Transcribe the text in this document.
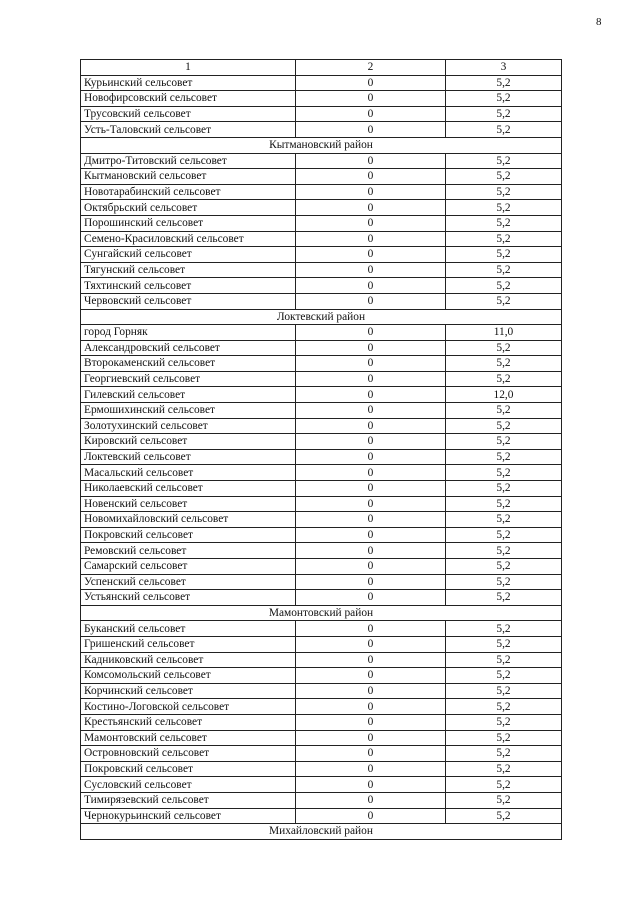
8
1	2	3
Курьинский сельсовет	0	5,2
Новофирсовский сельсовет	0	5,2
Трусовский сельсовет	0	5,2
Усть-Таловский сельсовет	0	5,2
Кытмановский район		
Дмитро-Титовский сельсовет	0	5,2
Кытмановский сельсовет	0	5,2
Новотарабинский сельсовет	0	5,2
Октябрьский сельсовет	0	5,2
Порошинский сельсовет	0	5,2
Семено-Красиловский сельсовет	0	5,2
Сунгайский сельсовет	0	5,2
Тягунский сельсовет	0	5,2
Тяхтинский сельсовет	0	5,2
Червовский сельсовет	0	5,2
Локтевский район		
город Горняк	0	11,0
Александровский сельсовет	0	5,2
Второкаменский сельсовет	0	5,2
Георгиевский сельсовет	0	5,2
Гилевский сельсовет	0	12,0
Ермошихинский сельсовет	0	5,2
Золотухинский сельсовет	0	5,2
Кировский сельсовет	0	5,2
Локтевский сельсовет	0	5,2
Масальский сельсовет	0	5,2
Николаевский сельсовет	0	5,2
Новенский сельсовет	0	5,2
Новомихайловский сельсовет	0	5,2
Покровский сельсовет	0	5,2
Ремовский сельсовет	0	5,2
Самарский сельсовет	0	5,2
Успенский сельсовет	0	5,2
Устьянский сельсовет	0	5,2
Мамонтовский район		
Буканский сельсовет	0	5,2
Гришенский сельсовет	0	5,2
Кадниковский сельсовет	0	5,2
Комсомольский сельсовет	0	5,2
Корчинский сельсовет	0	5,2
Костино-Логовской сельсовет	0	5,2
Крестьянский сельсовет	0	5,2
Мамонтовский сельсовет	0	5,2
Островновский сельсовет	0	5,2
Покровский сельсовет	0	5,2
Сусловский сельсовет	0	5,2
Тимирязевский сельсовет	0	5,2
Чернокурьинский сельсовет	0	5,2
Михайловский район		
